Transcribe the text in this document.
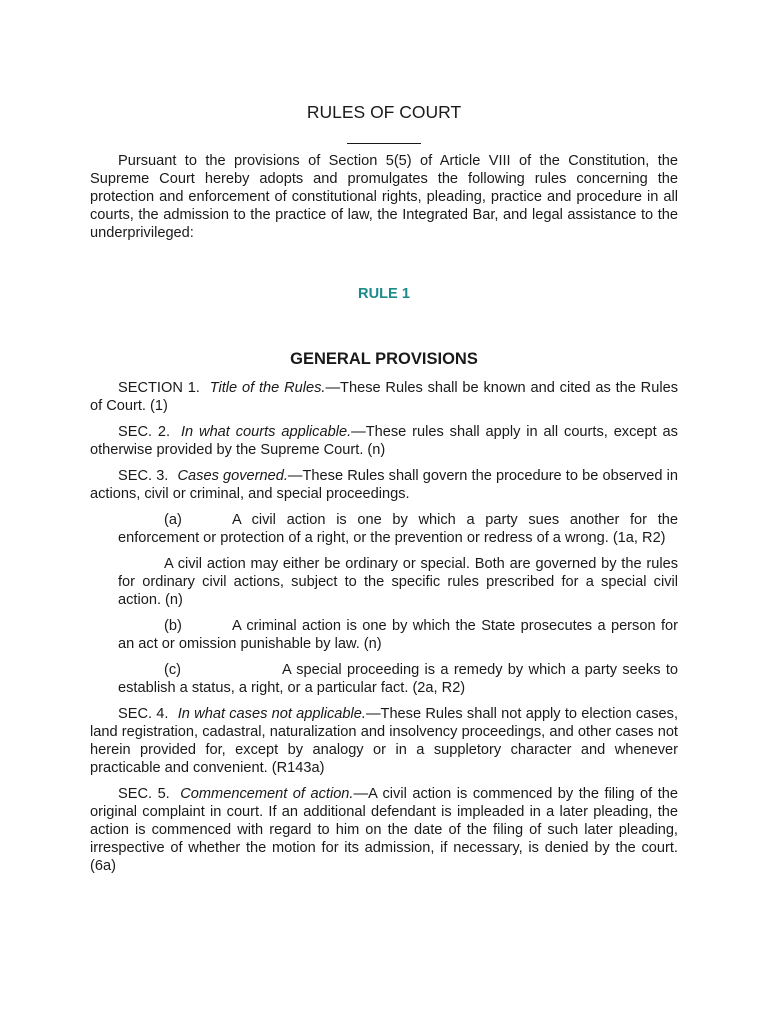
RULES OF COURT

Pursuant to the provisions of Section 5(5) of Article VIII of the Constitution, the Supreme Court hereby adopts and promulgates the following rules concerning the protection and enforcement of constitutional rights, pleading, practice and procedure in all courts, the admission to the practice of law, the Integrated Bar, and legal assistance to the underprivileged:

RULE 1

GENERAL PROVISIONS

SECTION 1. Title of the Rules.—These Rules shall be known and cited as the Rules of Court. (1)

SEC. 2. In what courts applicable.—These rules shall apply in all courts, except as otherwise provided by the Supreme Court. (n)

SEC. 3. Cases governed.—These Rules shall govern the procedure to be observed in actions, civil or criminal, and special proceedings.

(a)	A civil action is one by which a party sues another for the enforcement or protection of a right, or the prevention or redress of a wrong. (1a, R2)

A civil action may either be ordinary or special. Both are governed by the rules for ordinary civil actions, subject to the specific rules prescribed for a special civil action. (n)

(b)	A criminal action is one by which the State prosecutes a person for an act or omission punishable by law. (n)

(c)	A special proceeding is a remedy by which a party seeks to establish a status, a right, or a particular fact. (2a, R2)

SEC. 4. In what cases not applicable.—These Rules shall not apply to election cases, land registration, cadastral, naturalization and insolvency proceedings, and other cases not herein provided for, except by analogy or in a suppletory character and whenever practicable and convenient. (R143a)

SEC. 5. Commencement of action.—A civil action is commenced by the filing of the original complaint in court. If an additional defendant is impleaded in a later pleading, the action is commenced with regard to him on the date of the filing of such later pleading, irrespective of whether the motion for its admission, if necessary, is denied by the court. (6a)
